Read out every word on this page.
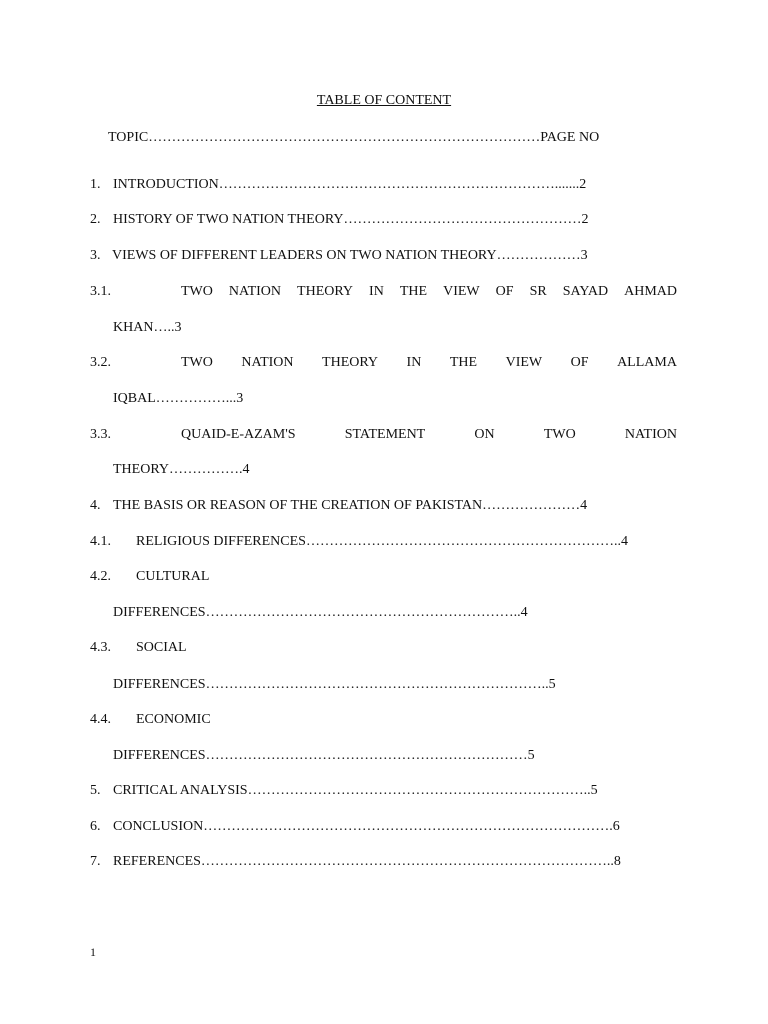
TABLE OF CONTENT
TOPIC…………………………………………………………………………PAGE NO
1. INTRODUCTION……………………………………………………………….......2
2. HISTORY OF TWO NATION THEORY……………………………………………2
3. VIEWS OF DIFFERENT LEADERS ON TWO NATION THEORY………………3
3.1.	TWO NATION THEORY IN THE VIEW OF SR SAYAD AHMAD
KHAN…..3
3.2.	TWO NATION THEORY IN THE VIEW OF ALLAMA
IQBAL……………...3
3.3.	QUAID-E-AZAM'S	STATEMENT	ON	TWO	NATION
THEORY…………….4
4. THE BASIS OR REASON OF THE CREATION OF PAKISTAN…………………4
4.1. RELIGIOUS DIFFERENCES…………………………………………………………..4
4.2. CULTURAL
DIFFERENCES…………………………………………………………..4
4.3. SOCIAL
DIFFERENCES………………………………………………………………..5
4.4. ECONOMIC
DIFFERENCES……………………………………………………………5
5. CRITICAL ANALYSIS………………………………………………………………..5
6. CONCLUSION…………………………………………………………………………….6
7. REFERENCES……………………………………………………………………………..8
1
